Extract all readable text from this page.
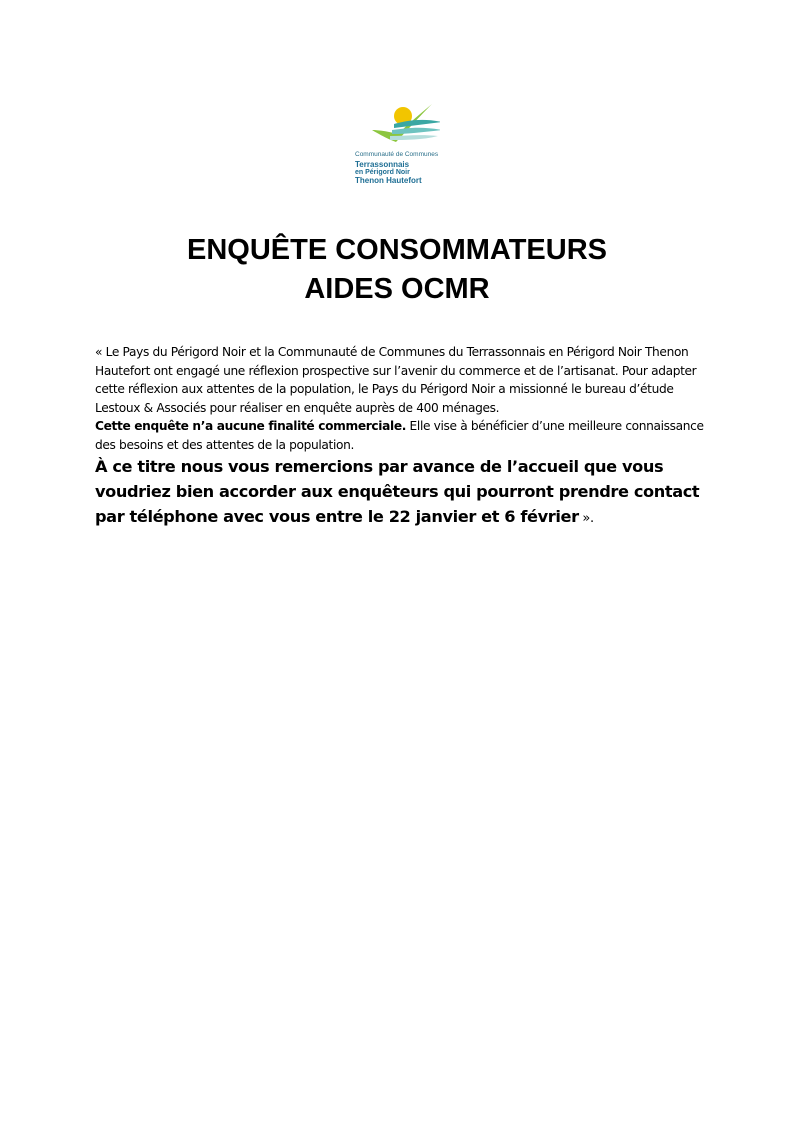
Communauté de Communes
Terrassonnais
en Périgord Noir
Thenon Hautefort
ENQUÊTE CONSOMMATEURS
AIDES OCMR

« Le Pays du Périgord Noir et la Communauté de Communes du Terrassonnais en Périgord Noir Thenon Hautefort ont engagé une réflexion prospective sur l’avenir du commerce et de l’artisanat. Pour adapter cette réflexion aux attentes de la population, le Pays du Périgord Noir a missionné le bureau d’étude Lestoux & Associés pour réaliser en enquête auprès de 400 ménages.
Cette enquête n’a aucune finalité commerciale. Elle vise à bénéficier d’une meilleure connaissance des besoins et des attentes de la population.

À ce titre nous vous remercions par avance de l’accueil que vous voudriez bien accorder aux enquêteurs qui pourront prendre contact par téléphone avec vous entre le 22 janvier et 6 février ».
